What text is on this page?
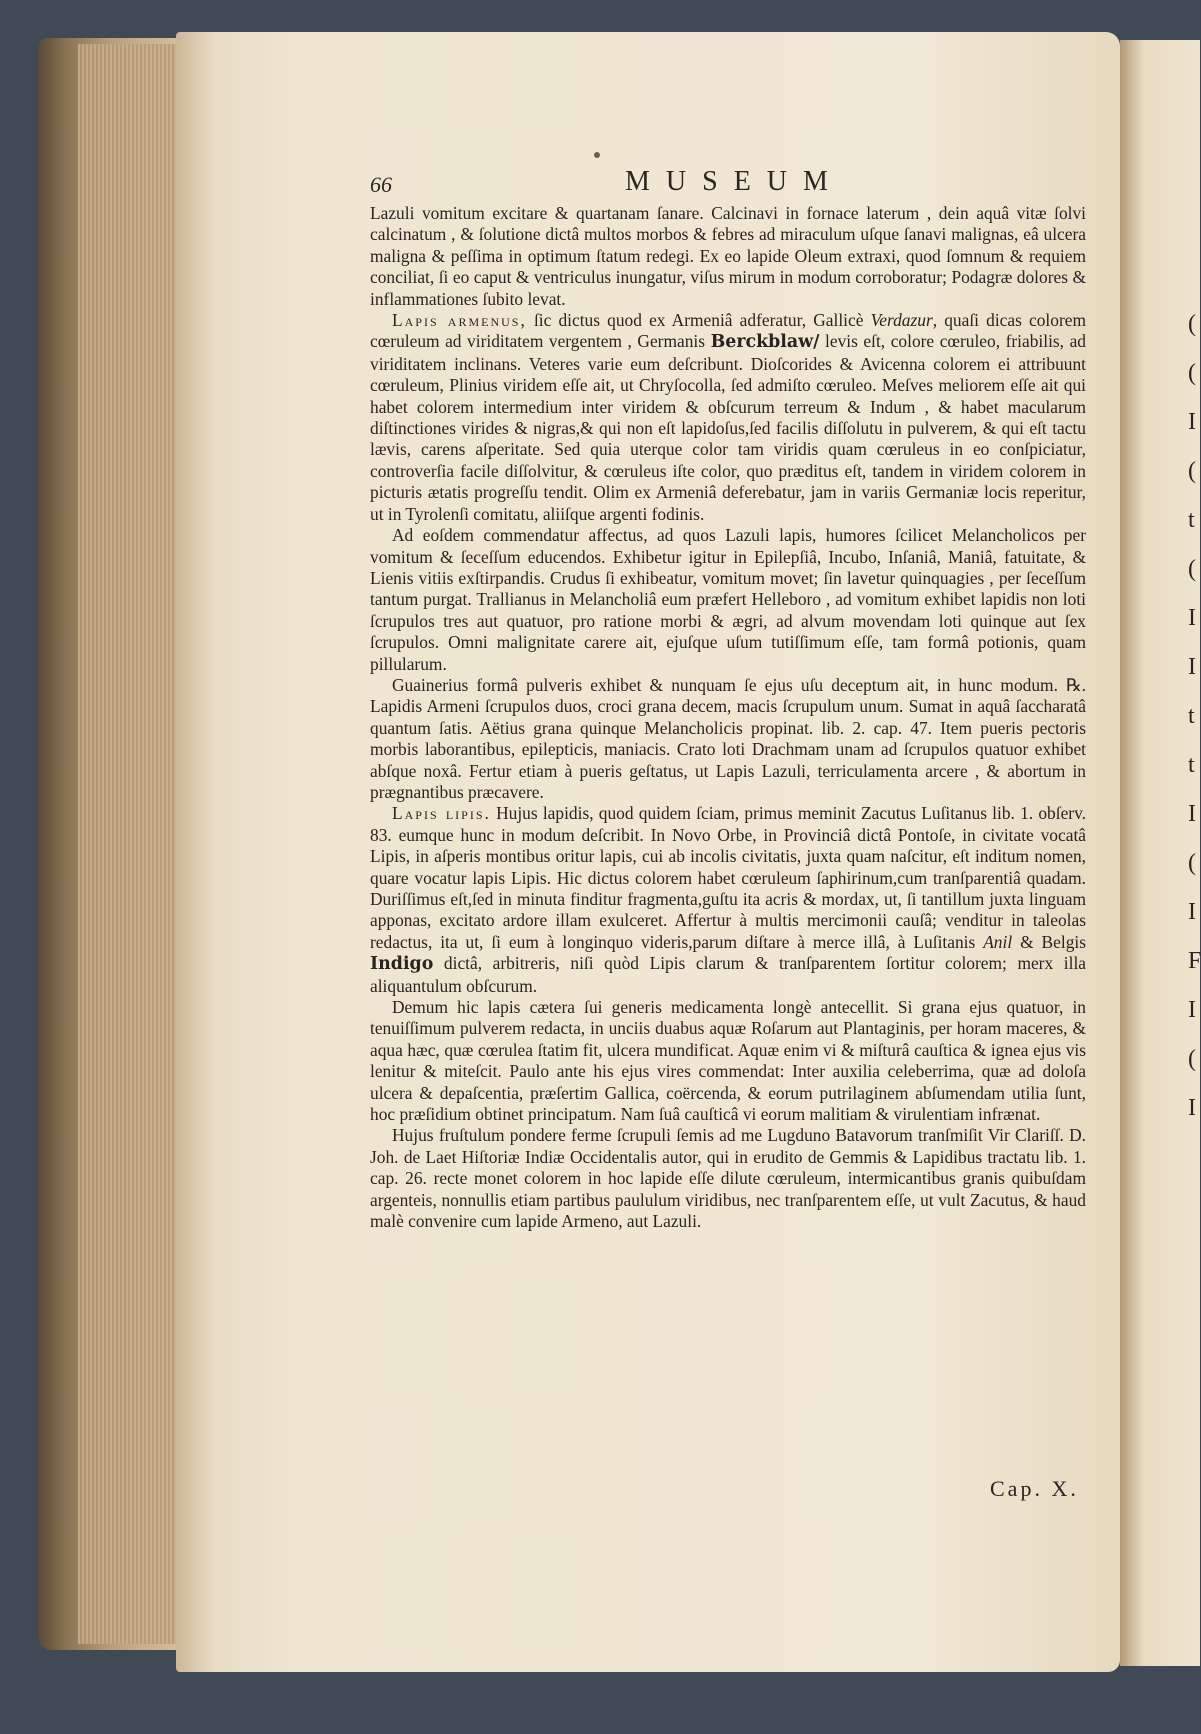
(
(
I
(
t
(
I
I
t
t
I
(
I
F
I
(
I
66	MUSEUM

Lazuli vomitum excitare & quartanam ſanare. Calcinavi in fornace laterum , dein aquâ vitæ ſolvi calcinatum , & ſolutione dictâ multos morbos & febres ad miraculum uſque ſanavi malignas, eâ ulcera maligna & peſſima in optimum ſtatum redegi. Ex eo lapide Oleum extraxi, quod ſomnum & requiem conciliat, ſi eo caput & ventriculus inungatur, viſus mirum in modum corroboratur; Podagræ dolores & inflammationes ſubito levat.

Lapis armenus, ſic dictus quod ex Armeniâ adferatur, Gallicè Verdazur, quaſi dicas colorem cœruleum ad viriditatem vergentem , Germanis Berckblaw/ levis eſt, colore cœruleo, friabilis, ad viriditatem inclinans. Veteres varie eum deſcribunt. Dioſcorides & Avicenna colorem ei attribuunt cœruleum, Plinius viridem eſſe ait, ut Chryſocolla, ſed admiſto cœruleo. Meſves meliorem eſſe ait qui habet colorem intermedium inter viridem & obſcurum terreum & Indum , & habet macularum diſtinctiones virides & nigras,& qui non eſt lapidoſus,ſed facilis diſſolutu in pulverem, & qui eſt tactu lævis, carens aſperitate. Sed quia uterque color tam viridis quam cœruleus in eo conſpiciatur, controverſia facile diſſolvitur, & cœruleus iſte color, quo præditus eſt, tandem in viridem colorem in picturis ætatis progreſſu tendit. Olim ex Armeniâ deferebatur, jam in variis Germaniæ locis reperitur, ut in Tyrolenſi comitatu, aliiſque argenti fodinis.

Ad eoſdem commendatur affectus, ad quos Lazuli lapis, humores ſcilicet Melancholicos per vomitum & ſeceſſum educendos. Exhibetur igitur in Epilepſiâ, Incubo, Inſaniâ, Maniâ, fatuitate, & Lienis vitiis exſtirpandis. Crudus ſi exhibeatur, vomitum movet; ſin lavetur quinquagies , per ſeceſſum tantum purgat. Trallianus in Melancholiâ eum præfert Helleboro , ad vomitum exhibet lapidis non loti ſcrupulos tres aut quatuor, pro ratione morbi & ægri, ad alvum movendam loti quinque aut ſex ſcrupulos. Omni malignitate carere ait, ejuſque uſum tutiſſimum eſſe, tam formâ potionis, quam pillularum.

Guainerius formâ pulveris exhibet & nunquam ſe ejus uſu deceptum ait, in hunc modum. ℞. Lapidis Armeni ſcrupulos duos, croci grana decem, macis ſcrupulum unum. Sumat in aquâ ſaccharatâ quantum ſatis. Aëtius grana quinque Melancholicis propinat. lib. 2. cap. 47. Item pueris pectoris morbis laborantibus, epilepticis, maniacis. Crato loti Drachmam unam ad ſcrupulos quatuor exhibet abſque noxâ. Fertur etiam à pueris geſtatus, ut Lapis Lazuli, terriculamenta arcere , & abortum in prægnantibus præcavere.

Lapis lipis. Hujus lapidis, quod quidem ſciam, primus meminit Zacutus Luſitanus lib. 1. obſerv. 83. eumque hunc in modum deſcribit. In Novo Orbe, in Provinciâ dictâ Pontoſe, in civitate vocatâ Lipis, in aſperis montibus oritur lapis, cui ab incolis civitatis, juxta quam naſcitur, eſt inditum nomen, quare vocatur lapis Lipis. Hic dictus colorem habet cœruleum ſaphirinum,cum tranſparentiâ quadam. Duriſſimus eſt,ſed in minuta finditur fragmenta,guſtu ita acris & mordax, ut, ſi tantillum juxta linguam apponas, excitato ardore illam exulceret. Affertur à multis mercimonii cauſâ; venditur in taleolas redactus, ita ut, ſi eum à longinquo videris,parum diſtare à merce illâ, à Luſitanis Anil & Belgis Indigo dictâ, arbitreris, niſi quòd Lipis clarum & tranſparentem ſortitur colorem; merx illa aliquantulum obſcurum.

Demum hic lapis cætera ſui generis medicamenta longè antecellit. Si grana ejus quatuor, in tenuiſſimum pulverem redacta, in unciis duabus aquæ Roſarum aut Plantaginis, per horam maceres, & aqua hæc, quæ cœrulea ſtatim fit, ulcera mundificat. Aquæ enim vi & miſturâ cauſtica & ignea ejus vis lenitur & miteſcit. Paulo ante his ejus vires commendat: Inter auxilia celeberrima, quæ ad doloſa ulcera & depaſcentia, præſertim Gallica, coërcenda, & eorum putrilaginem abſumendam utilia ſunt, hoc præſidium obtinet principatum. Nam ſuâ cauſticâ vi eorum malitiam & virulentiam infrænat.

Hujus fruſtulum pondere ferme ſcrupuli ſemis ad me Lugduno Batavorum tranſmiſit Vir Clariſſ. D. Joh. de Laet Hiſtoriæ Indiæ Occidentalis autor, qui in erudito de Gemmis & Lapidibus tractatu lib. 1. cap. 26. recte monet colorem in hoc lapide eſſe dilute cœruleum, intermicantibus granis quibuſdam argenteis, nonnullis etiam partibus paululum viridibus, nec tranſparentem eſſe, ut vult Zacutus, & haud malè convenire cum lapide Armeno, aut Lazuli.

Cap. X.
